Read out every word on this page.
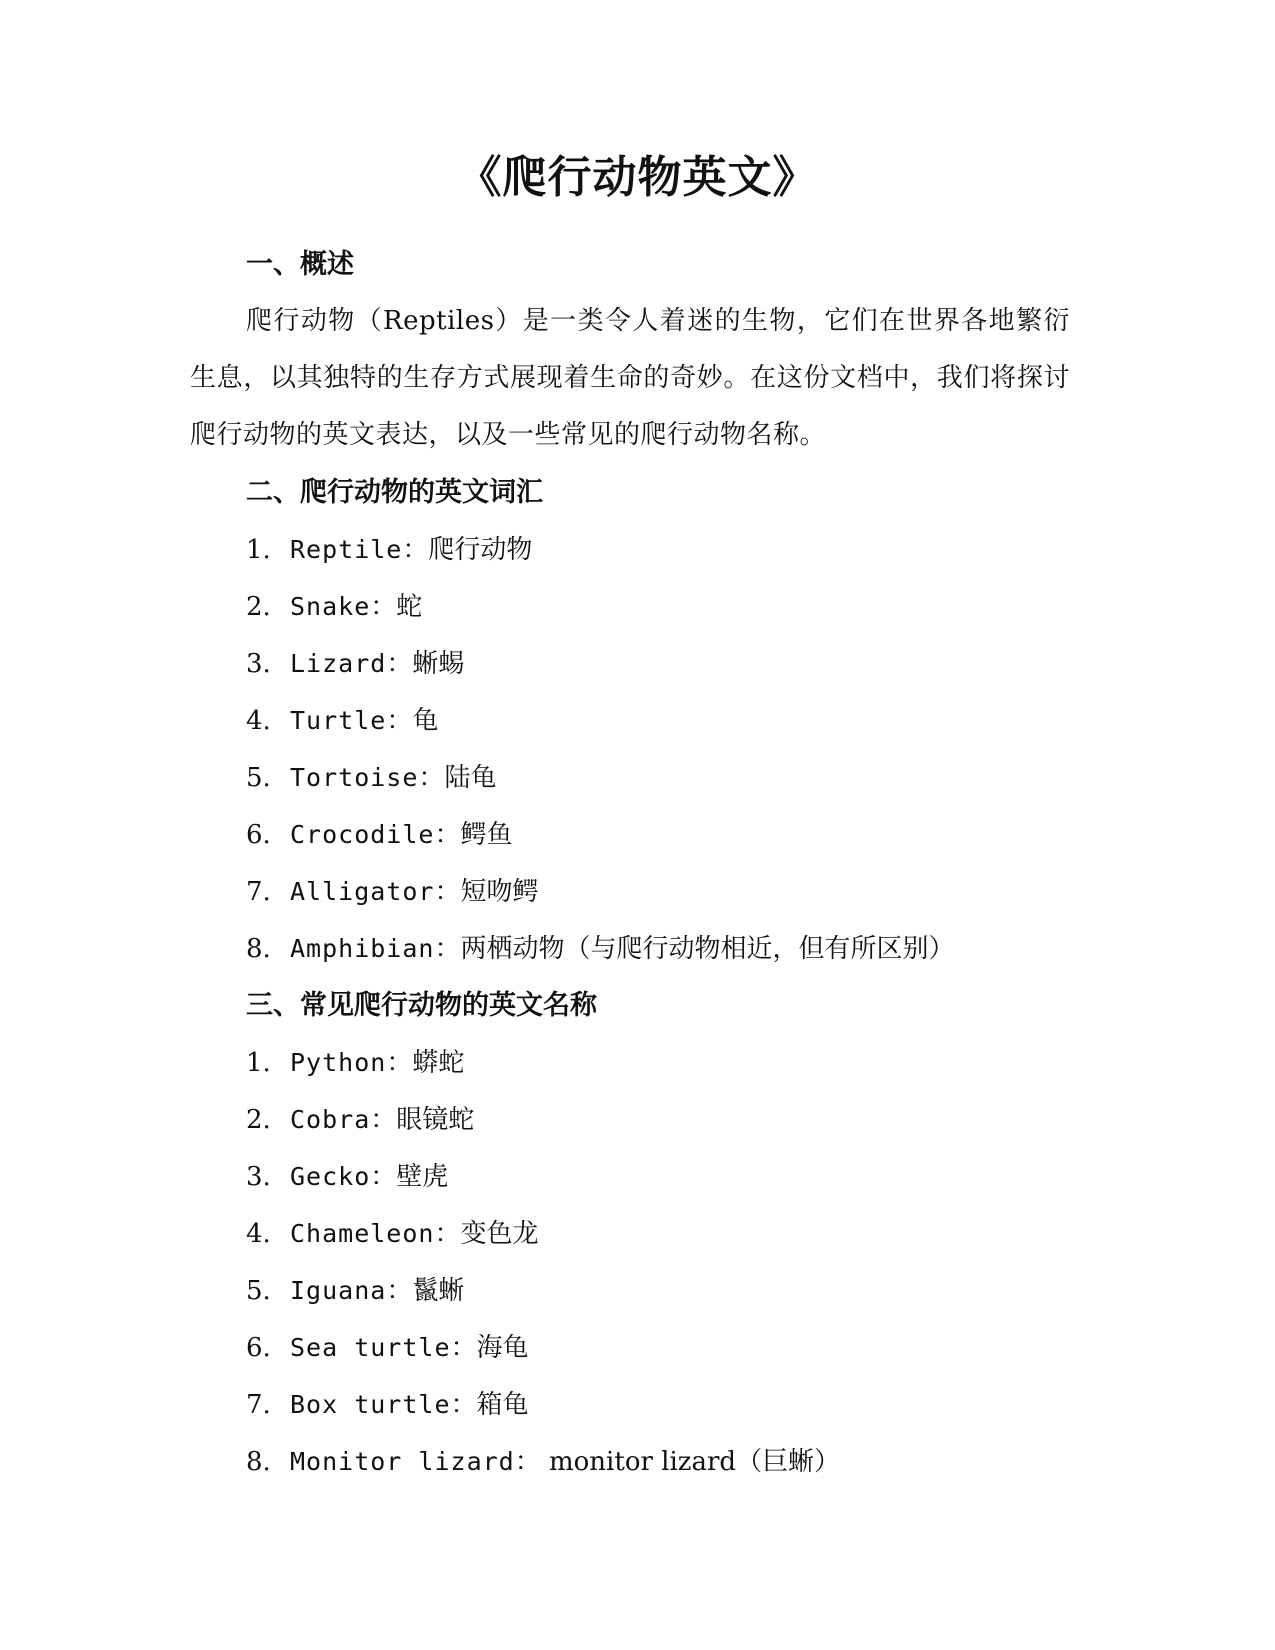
《爬行动物英文》
一、概述

爬行动物（Reptiles）是一类令人着迷的生物，它们在世界各地繁衍生息，以其独特的生存方式展现着生命的奇妙。在这份文档中，我们将探讨爬行动物的英文表达，以及一些常见的爬行动物名称。

二、爬行动物的英文词汇
1. Reptile：爬行动物
2. Snake：蛇
3. Lizard：蜥蜴
4. Turtle：龟
5. Tortoise：陆龟
6. Crocodile：鳄鱼
7. Alligator：短吻鳄
8. Amphibian：两栖动物（与爬行动物相近，但有所区别）
三、常见爬行动物的英文名称
1. Python：蟒蛇
2. Cobra：眼镜蛇
3. Gecko：壁虎
4. Chameleon：变色龙
5. Iguana：鬣蜥
6. Sea turtle：海龟
7. Box turtle：箱龟
8. Monitor lizard： monitor lizard（巨蜥）
